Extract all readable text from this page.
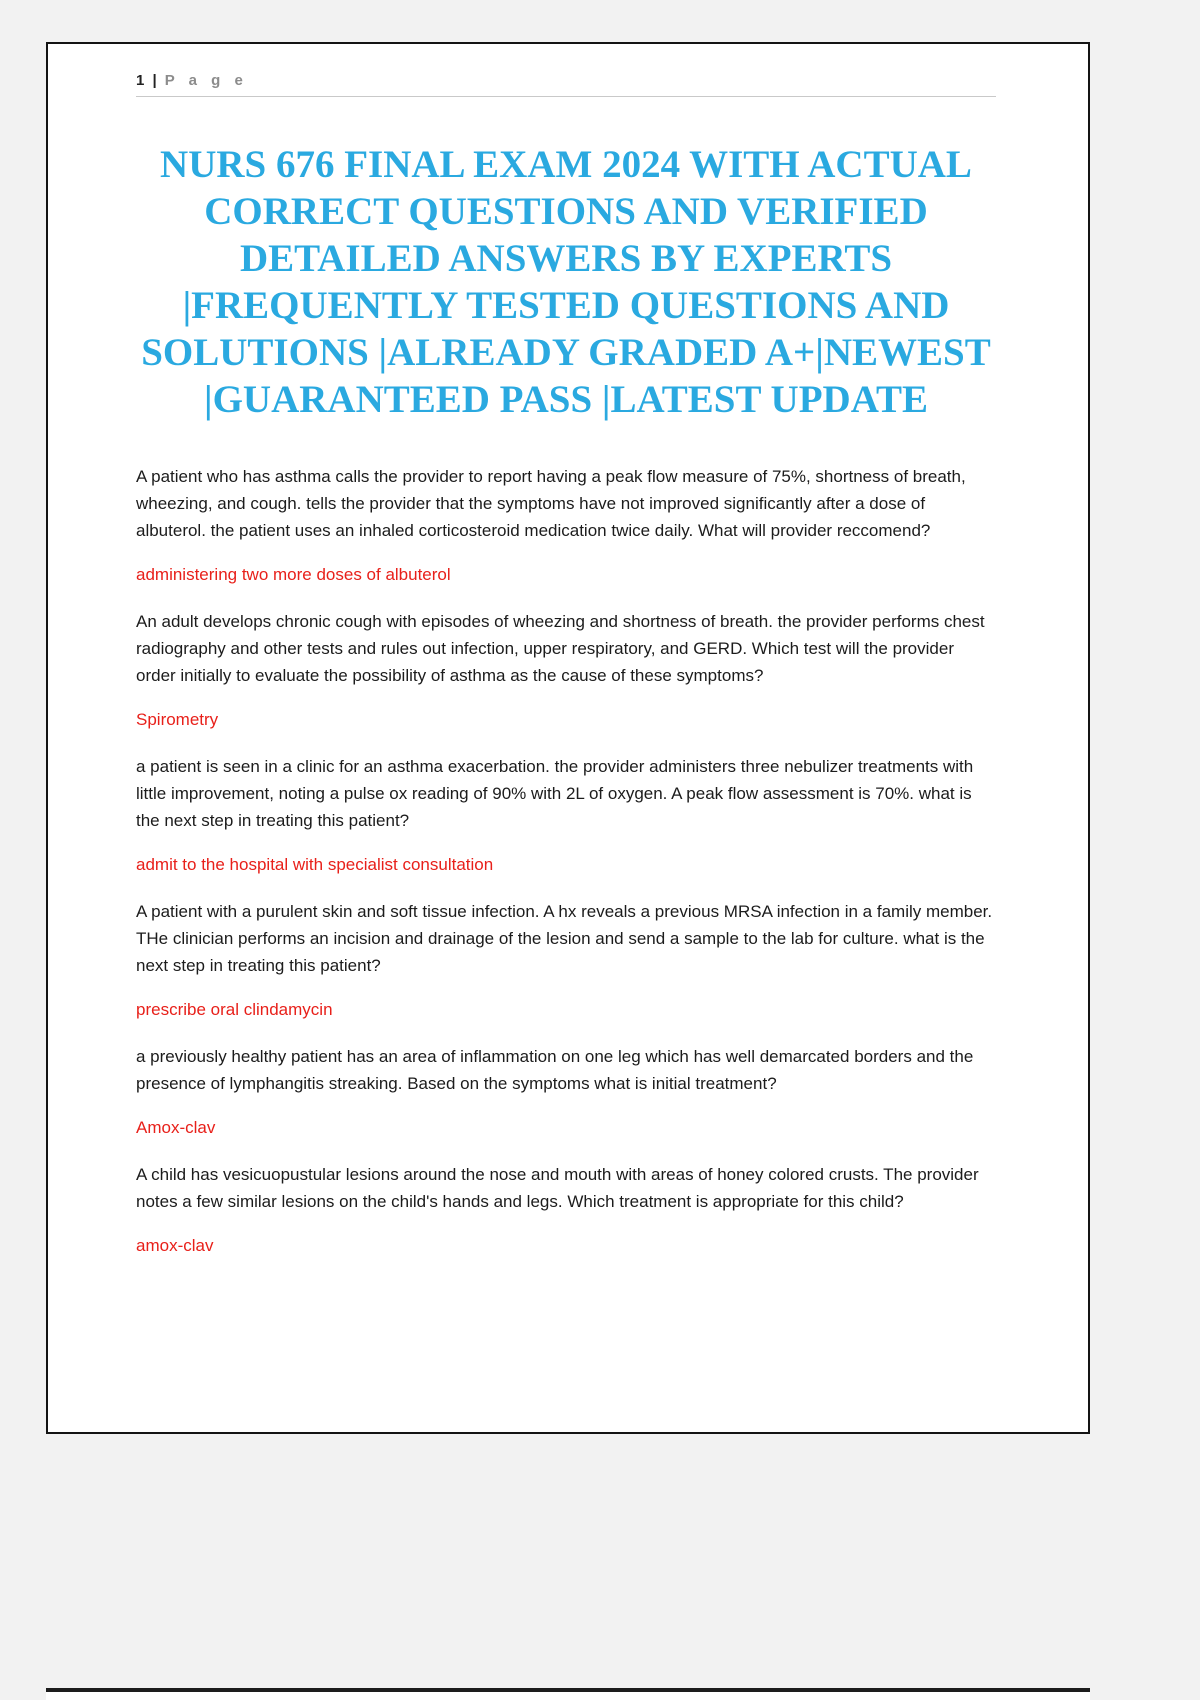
1 | P a g e
NURS 676 FINAL EXAM 2024 WITH ACTUAL
CORRECT QUESTIONS AND VERIFIED
DETAILED ANSWERS BY EXPERTS
|FREQUENTLY TESTED QUESTIONS AND
SOLUTIONS |ALREADY GRADED A+|NEWEST
|GUARANTEED PASS |LATEST UPDATE

A patient who has asthma calls the provider to report having a peak flow measure of 75%, shortness of breath, wheezing, and cough. tells the provider that the symptoms have not improved significantly after a dose of albuterol. the patient uses an inhaled corticosteroid medication twice daily. What will provider reccomend?

administering two more doses of albuterol

An adult develops chronic cough with episodes of wheezing and shortness of breath. the provider performs chest radiography and other tests and rules out infection, upper respiratory, and GERD. Which test will the provider order initially to evaluate the possibility of asthma as the cause of these symptoms?

Spirometry

a patient is seen in a clinic for an asthma exacerbation. the provider administers three nebulizer treatments with little improvement, noting a pulse ox reading of 90% with 2L of oxygen. A peak flow assessment is 70%. what is the next step in treating this patient?

admit to the hospital with specialist consultation

A patient with a purulent skin and soft tissue infection. A hx reveals a previous MRSA infection in a family member. THe clinician performs an incision and drainage of the lesion and send a sample to the lab for culture. what is the next step in treating this patient?

prescribe oral clindamycin

a previously healthy patient has an area of inflammation on one leg which has well demarcated borders and the presence of lymphangitis streaking. Based on the symptoms what is initial treatment?

Amox-clav

A child has vesicuopustular lesions around the nose and mouth with areas of honey colored crusts. The provider notes a few similar lesions on the child's hands and legs. Which treatment is appropriate for this child?

amox-clav
